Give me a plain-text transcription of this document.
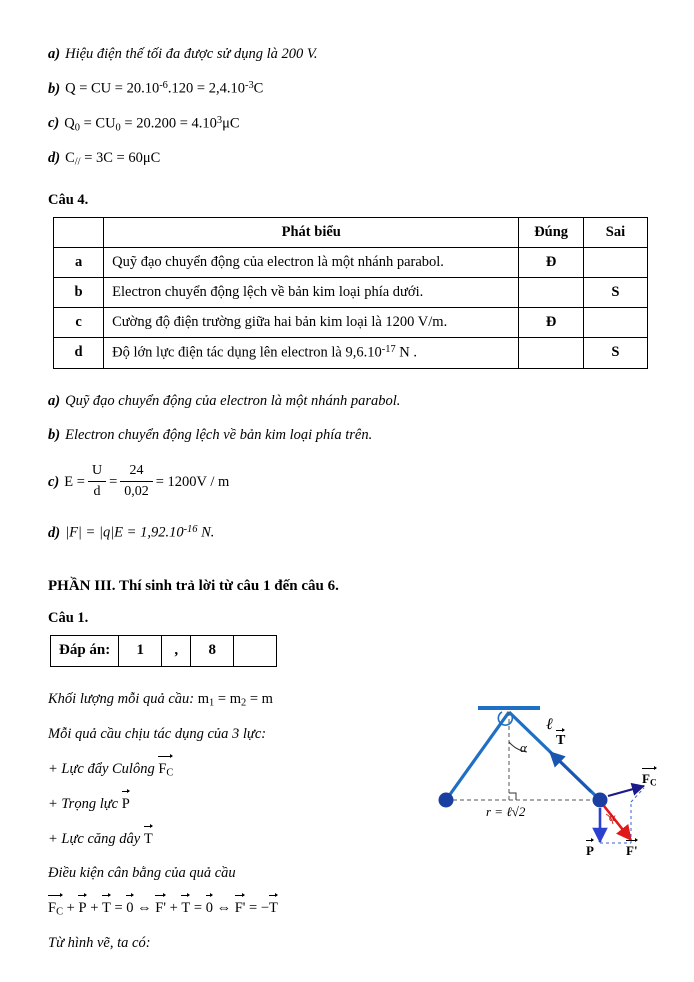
a) Hiệu điện thế tối đa được sử dụng là 200 V.
b) Q = CU = $20.10^{-6}.120 = 2,4.10^{-3}C$
c) $Q_0 = CU_0 = 20.200 = 4.10^3\mu C$
d) $C_{//} = 3C = 60\mu C$
Câu 4.
	Phát biểu	Đúng	Sai
a	Quỹ đạo chuyển động của electron là một nhánh parabol.	Đ	
b	Electron chuyển động lệch về bản kim loại phía dưới.		S
c	Cường độ điện trường giữa hai bản kim loại là 1200 V/m.	Đ	
d	Độ lớn lực điện tác dụng lên electron là $9,6.10^{-17}$ N .		S
a) Quỹ đạo chuyển động của electron là một nhánh parabol.
b) Electron chuyển động lệch về bản kim loại phía trên.
c) $E = \frac{U}{d} = \frac{24}{0,02} = 1200V / m$
d) $|F| = |q|E = 1,92.10^{-16}$ N.
PHẦN III. Thí sinh trả lời từ câu 1 đến câu 6.
Câu 1.
Đáp án:	1	,	8	
Khối lượng mỗi quả cầu: $m_1 = m_2 = m$
Mỗi quả cầu chịu tác dụng của 3 lực:
+ Lực đẩy Culông $F_C$
+ Trọng lực P
+ Lực căng dây T
Điều kiện cân bằng của quả cầu
$F_C + P + T = 0$ ⇔ F' + T = 0 ⇔ F' = −T
Từ hình vẽ, ta có:
ℓ
α T
$F_C$
r = ℓ√2	α
P F'
